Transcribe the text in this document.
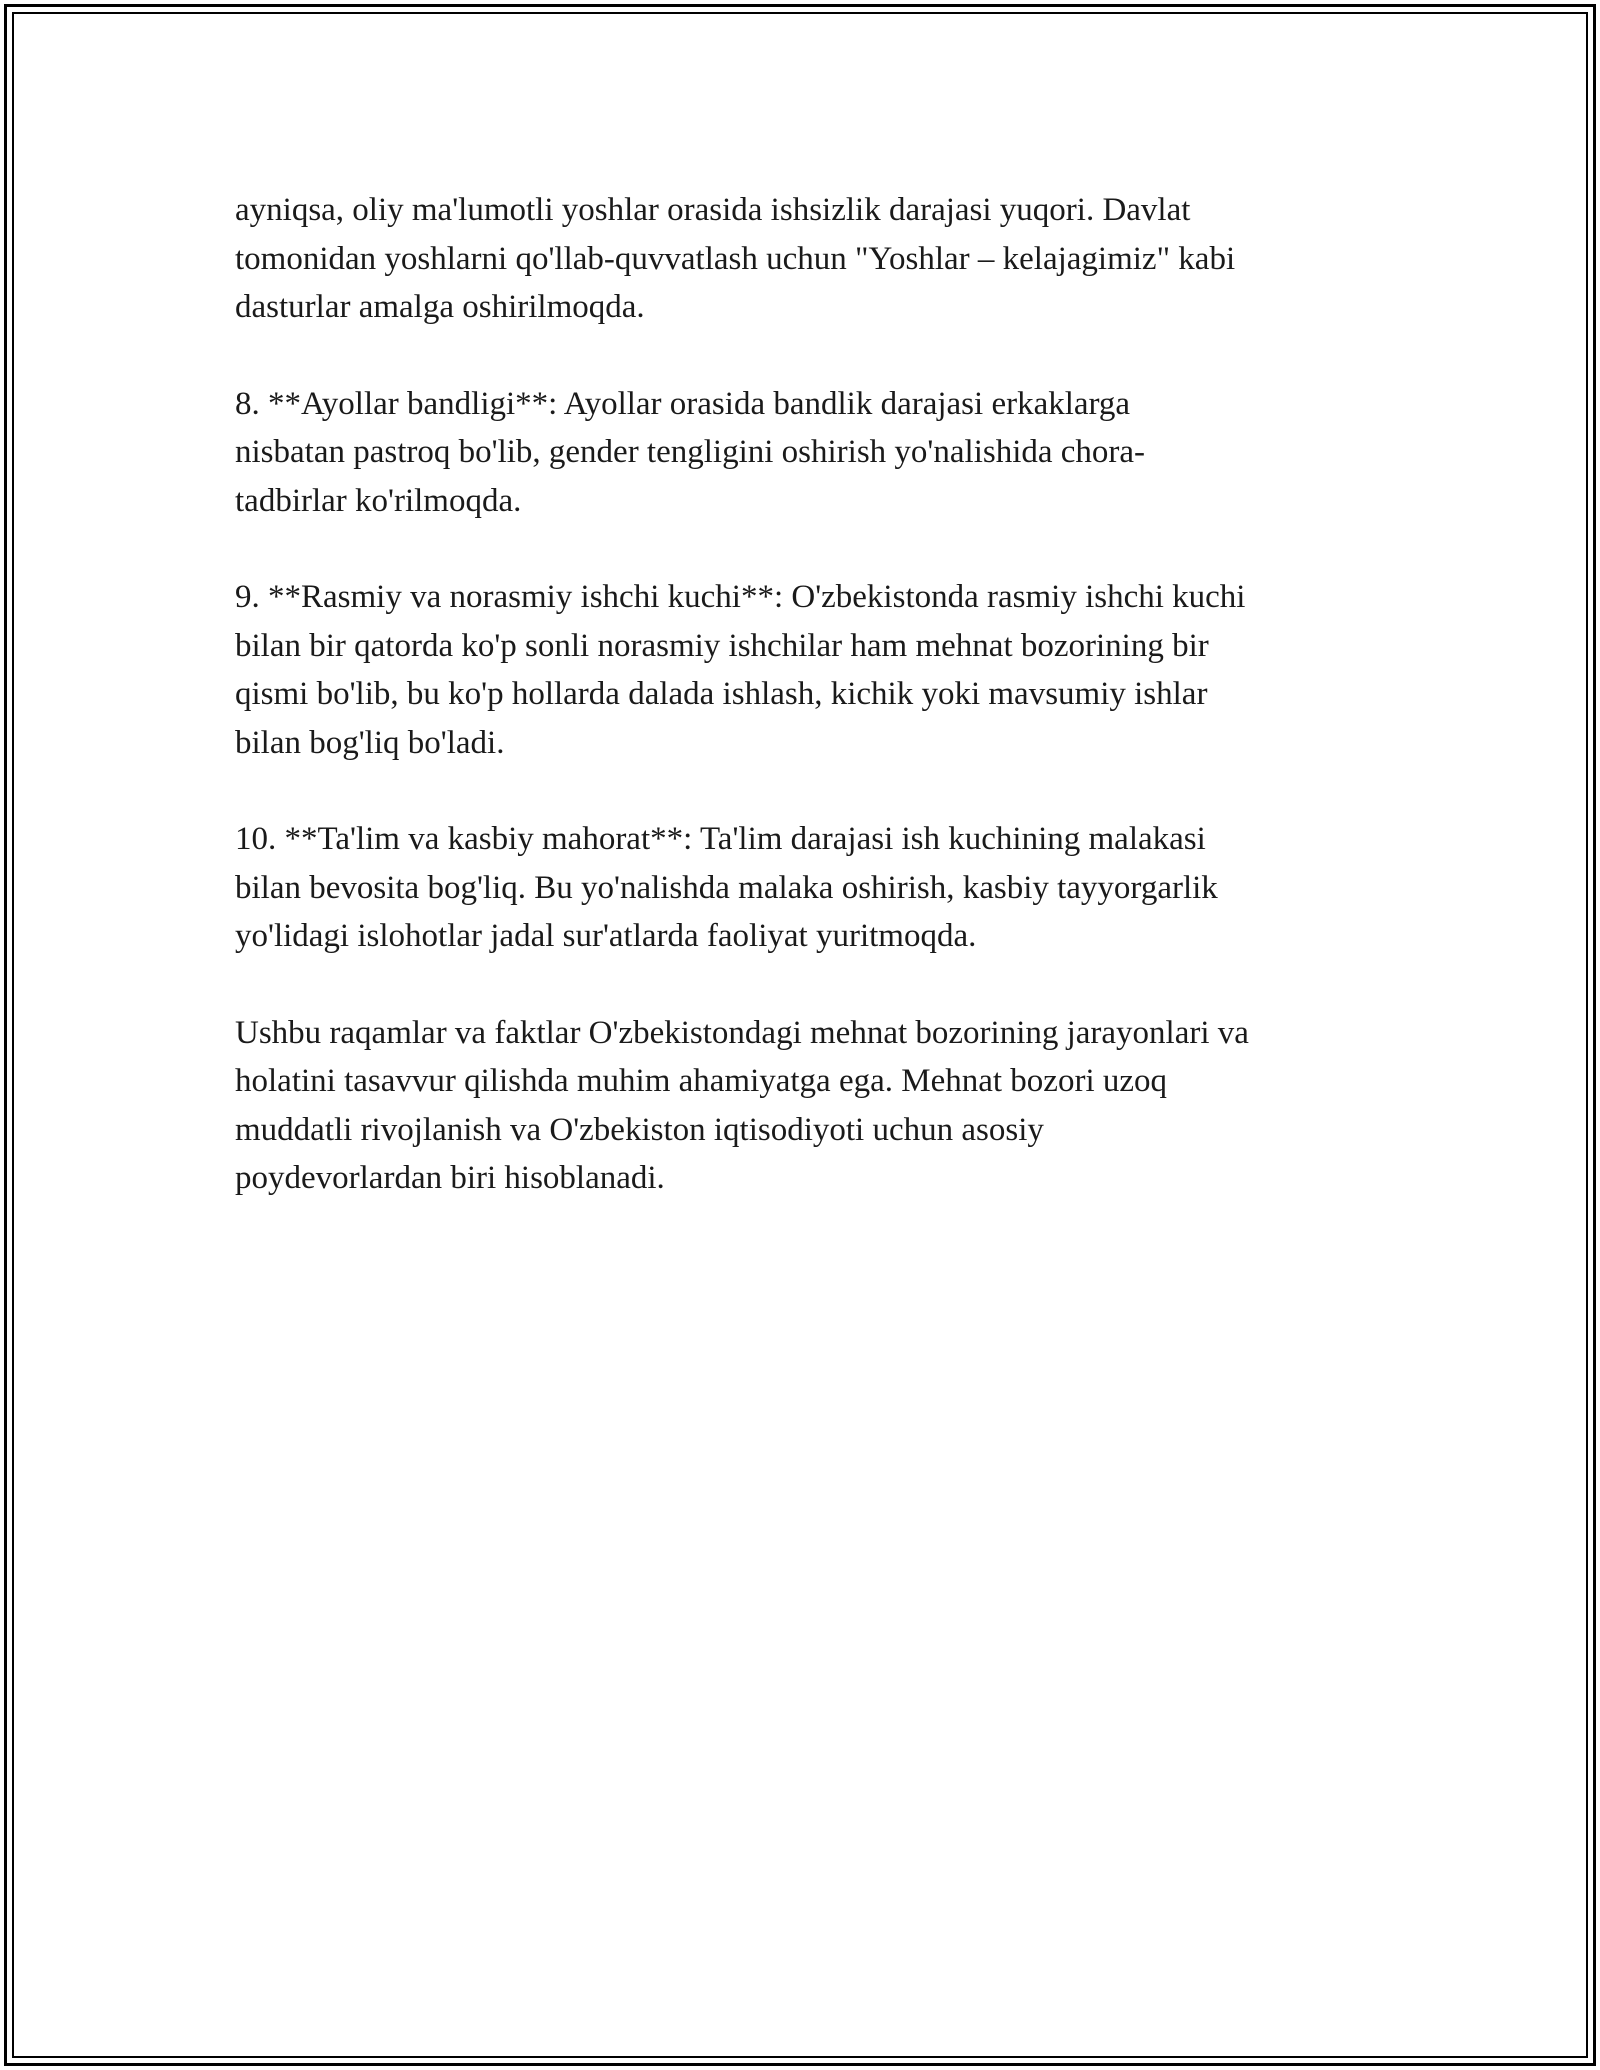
ayniqsa, oliy ma'lumotli yoshlar orasida ishsizlik darajasi yuqori. Davlat
tomonidan yoshlarni qo'llab-quvvatlash uchun "Yoshlar – kelajagimiz" kabi
dasturlar amalga oshirilmoqda.

8. **Ayollar bandligi**: Ayollar orasida bandlik darajasi erkaklarga
nisbatan pastroq bo'lib, gender tengligini oshirish yo'nalishida chora-
tadbirlar ko'rilmoqda.

9. **Rasmiy va norasmiy ishchi kuchi**: O'zbekistonda rasmiy ishchi kuchi
bilan bir qatorda ko'p sonli norasmiy ishchilar ham mehnat bozorining bir
qismi bo'lib, bu ko'p hollarda dalada ishlash, kichik yoki mavsumiy ishlar
bilan bog'liq bo'ladi.

10. **Ta'lim va kasbiy mahorat**: Ta'lim darajasi ish kuchining malakasi
bilan bevosita bog'liq. Bu yo'nalishda malaka oshirish, kasbiy tayyorgarlik
yo'lidagi islohotlar jadal sur'atlarda faoliyat yuritmoqda.

Ushbu raqamlar va faktlar O'zbekistondagi mehnat bozorining jarayonlari va
holatini tasavvur qilishda muhim ahamiyatga ega. Mehnat bozori uzoq
muddatli rivojlanish va O'zbekiston iqtisodiyoti uchun asosiy
poydevorlardan biri hisoblanadi.
